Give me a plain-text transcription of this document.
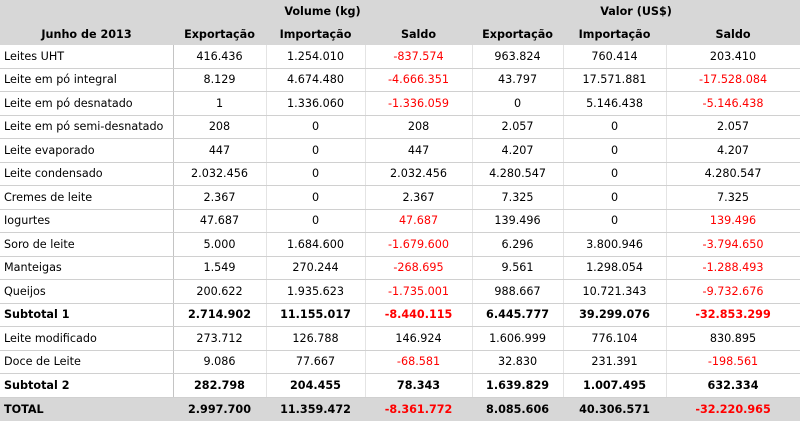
	Volume (kg)			Valor (US$)		
Junho de 2013	Exportação	Importação	Saldo	Exportação	Importação	Saldo
Leites UHT	416.436	1.254.010	-837.574	963.824	760.414	203.410
Leite em pó integral	8.129	4.674.480	-4.666.351	43.797	17.571.881	-17.528.084
Leite em pó desnatado	1	1.336.060	-1.336.059	0	5.146.438	-5.146.438
Leite em pó semi-desnatado	208	0	208	2.057	0	2.057
Leite evaporado	447	0	447	4.207	0	4.207
Leite condensado	2.032.456	0	2.032.456	4.280.547	0	4.280.547
Cremes de leite	2.367	0	2.367	7.325	0	7.325
Iogurtes	47.687	0	47.687	139.496	0	139.496
Soro de leite	5.000	1.684.600	-1.679.600	6.296	3.800.946	-3.794.650
Manteigas	1.549	270.244	-268.695	9.561	1.298.054	-1.288.493
Queijos	200.622	1.935.623	-1.735.001	988.667	10.721.343	-9.732.676
Subtotal 1	2.714.902	11.155.017	-8.440.115	6.445.777	39.299.076	-32.853.299
Leite modificado	273.712	126.788	146.924	1.606.999	776.104	830.895
Doce de Leite	9.086	77.667	-68.581	32.830	231.391	-198.561
Subtotal 2	282.798	204.455	78.343	1.639.829	1.007.495	632.334
TOTAL	2.997.700	11.359.472	-8.361.772	8.085.606	40.306.571	-32.220.965
